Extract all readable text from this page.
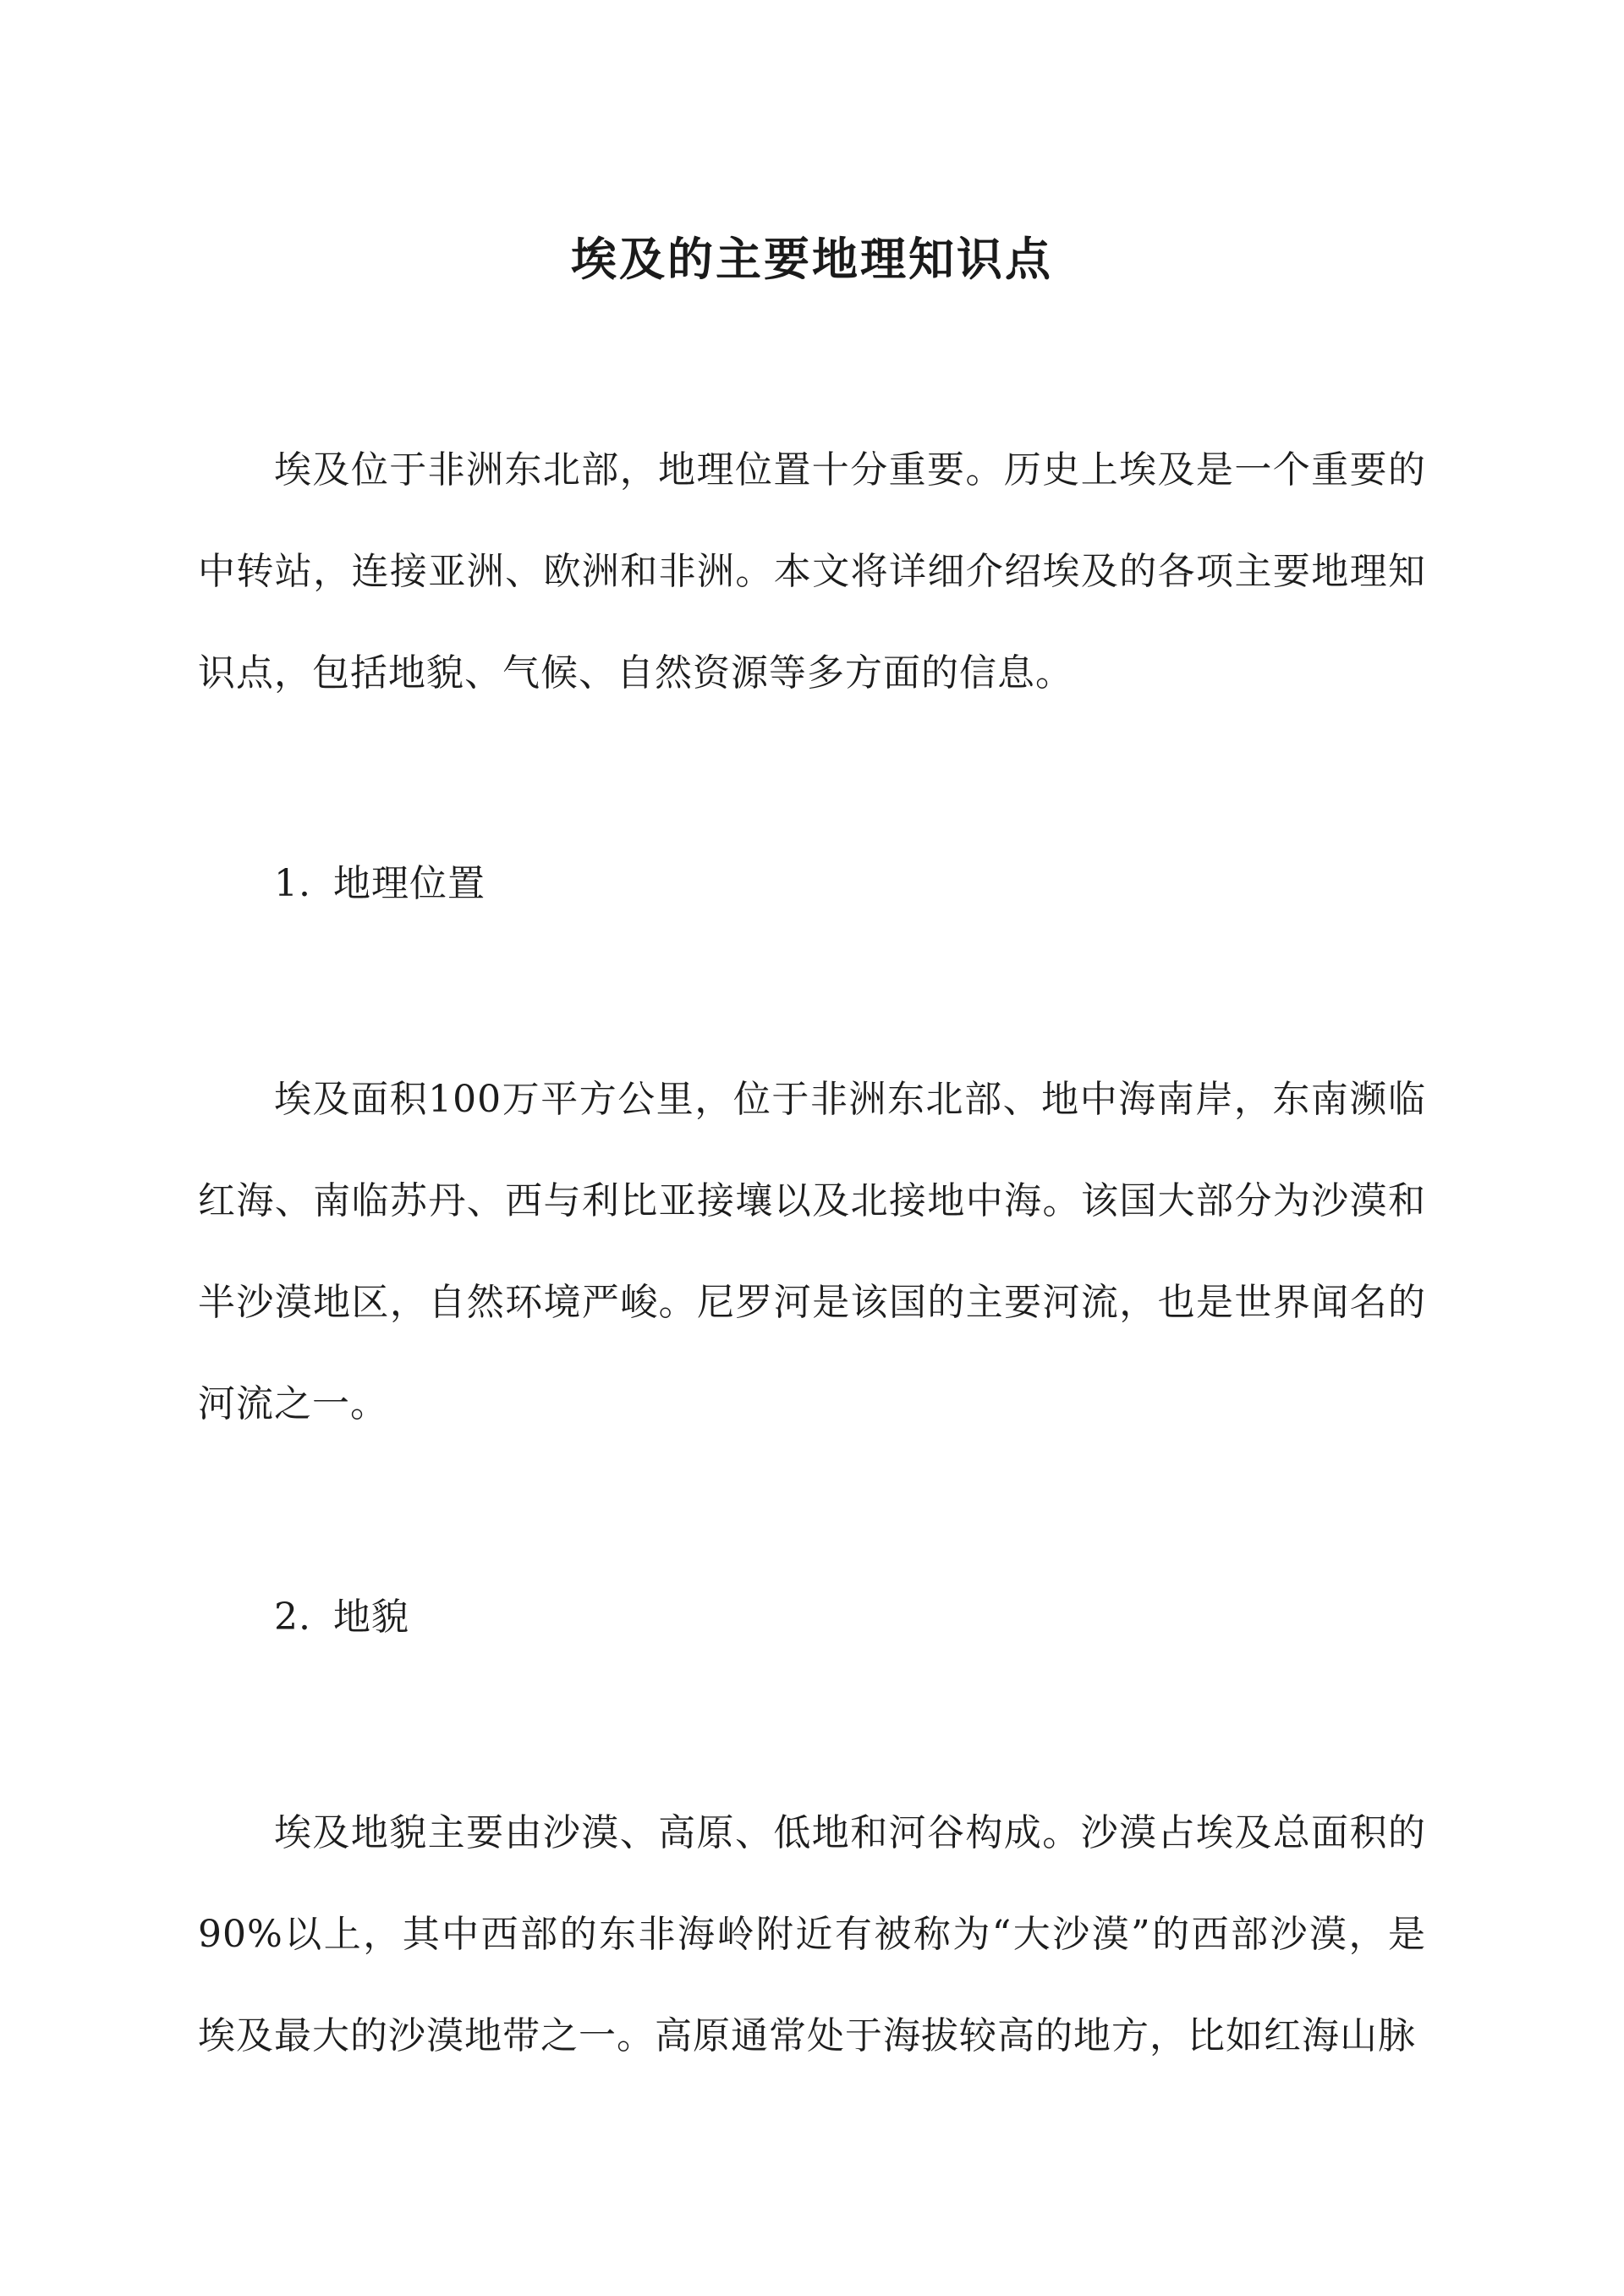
埃及的主要地理知识点

埃及位于非洲东北部，地理位置十分重要。历史上埃及是一个重要的中转站，连接亚洲、欧洲和非洲。本文将详细介绍埃及的各项主要地理知识点，包括地貌、气候、自然资源等多方面的信息。

1. 地理位置

埃及面积100万平方公里，位于非洲东北部、地中海南岸，东南濒临红海、南临苏丹、西与利比亚接壤以及北接地中海。该国大部分为沙漠和半沙漠地区，自然环境严峻。尼罗河是该国的主要河流，也是世界闻名的河流之一。

2. 地貌

埃及地貌主要由沙漠、高原、低地和河谷构成。沙漠占埃及总面积的90%以上，其中西部的东非海岭附近有被称为“大沙漠”的西部沙漠，是埃及最大的沙漠地带之一。高原通常处于海拔较高的地方，比如红海山脉
